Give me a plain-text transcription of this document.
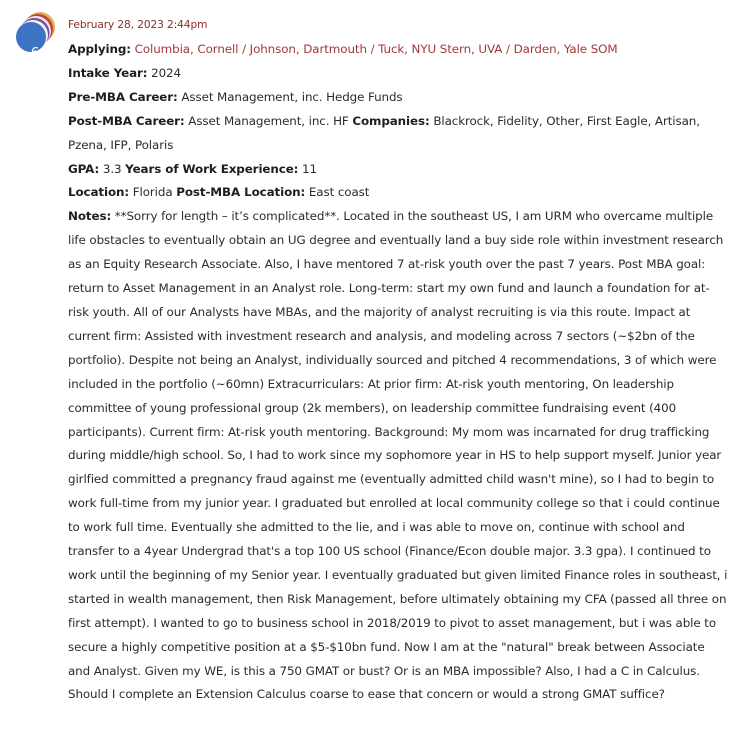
6
February 28, 2023 2:44pm
Applying: Columbia, Cornell / Johnson, Dartmouth / Tuck, NYU Stern, UVA / Darden, Yale SOM
Intake Year: 2024
Pre-MBA Career: Asset Management, inc. Hedge Funds
Post-MBA Career: Asset Management, inc. HF Companies: Blackrock, Fidelity, Other, First Eagle, Artisan, Pzena, IFP, Polaris
GPA: 3.3 Years of Work Experience: 11
Location: Florida Post-MBA Location: East coast
Notes: **Sorry for length – it’s complicated**. Located in the southeast US, I am URM who overcame multiple life obstacles to eventually obtain an UG degree and eventually land a buy side role within investment research as an Equity Research Associate. Also, I have mentored 7 at-risk youth over the past 7 years. Post MBA goal: return to Asset Management in an Analyst role. Long-term: start my own fund and launch a foundation for at-risk youth. All of our Analysts have MBAs, and the majority of analyst recruiting is via this route. Impact at current firm: Assisted with investment research and analysis, and modeling across 7 sectors (~$2bn of the portfolio). Despite not being an Analyst, individually sourced and pitched 4 recommendations, 3 of which were included in the portfolio (~60mn) Extracurriculars: At prior firm: At-risk youth mentoring, On leadership committee of young professional group (2k members), on leadership committee fundraising event (400 participants). Current firm: At-risk youth mentoring. Background: My mom was incarnated for drug trafficking during middle/high school. So, I had to work since my sophomore year in HS to help support myself. Junior year girlfied committed a pregnancy fraud against me (eventually admitted child wasn't mine), so I had to begin to work full-time from my junior year. I graduated but enrolled at local community college so that i could continue to work full time. Eventually she admitted to the lie, and i was able to move on, continue with school and transfer to a 4year Undergrad that's a top 100 US school (Finance/Econ double major. 3.3 gpa). I continued to work until the beginning of my Senior year. I eventually graduated but given limited Finance roles in southeast, i started in wealth management, then Risk Management, before ultimately obtaining my CFA (passed all three on first attempt). I wanted to go to business school in 2018/2019 to pivot to asset management, but i was able to secure a highly competitive position at a $5-$10bn fund. Now I am at the "natural" break between Associate and Analyst. Given my WE, is this a 750 GMAT or bust? Or is an MBA impossible? Also, I had a C in Calculus. Should I complete an Extension Calculus coarse to ease that concern or would a strong GMAT suffice?
